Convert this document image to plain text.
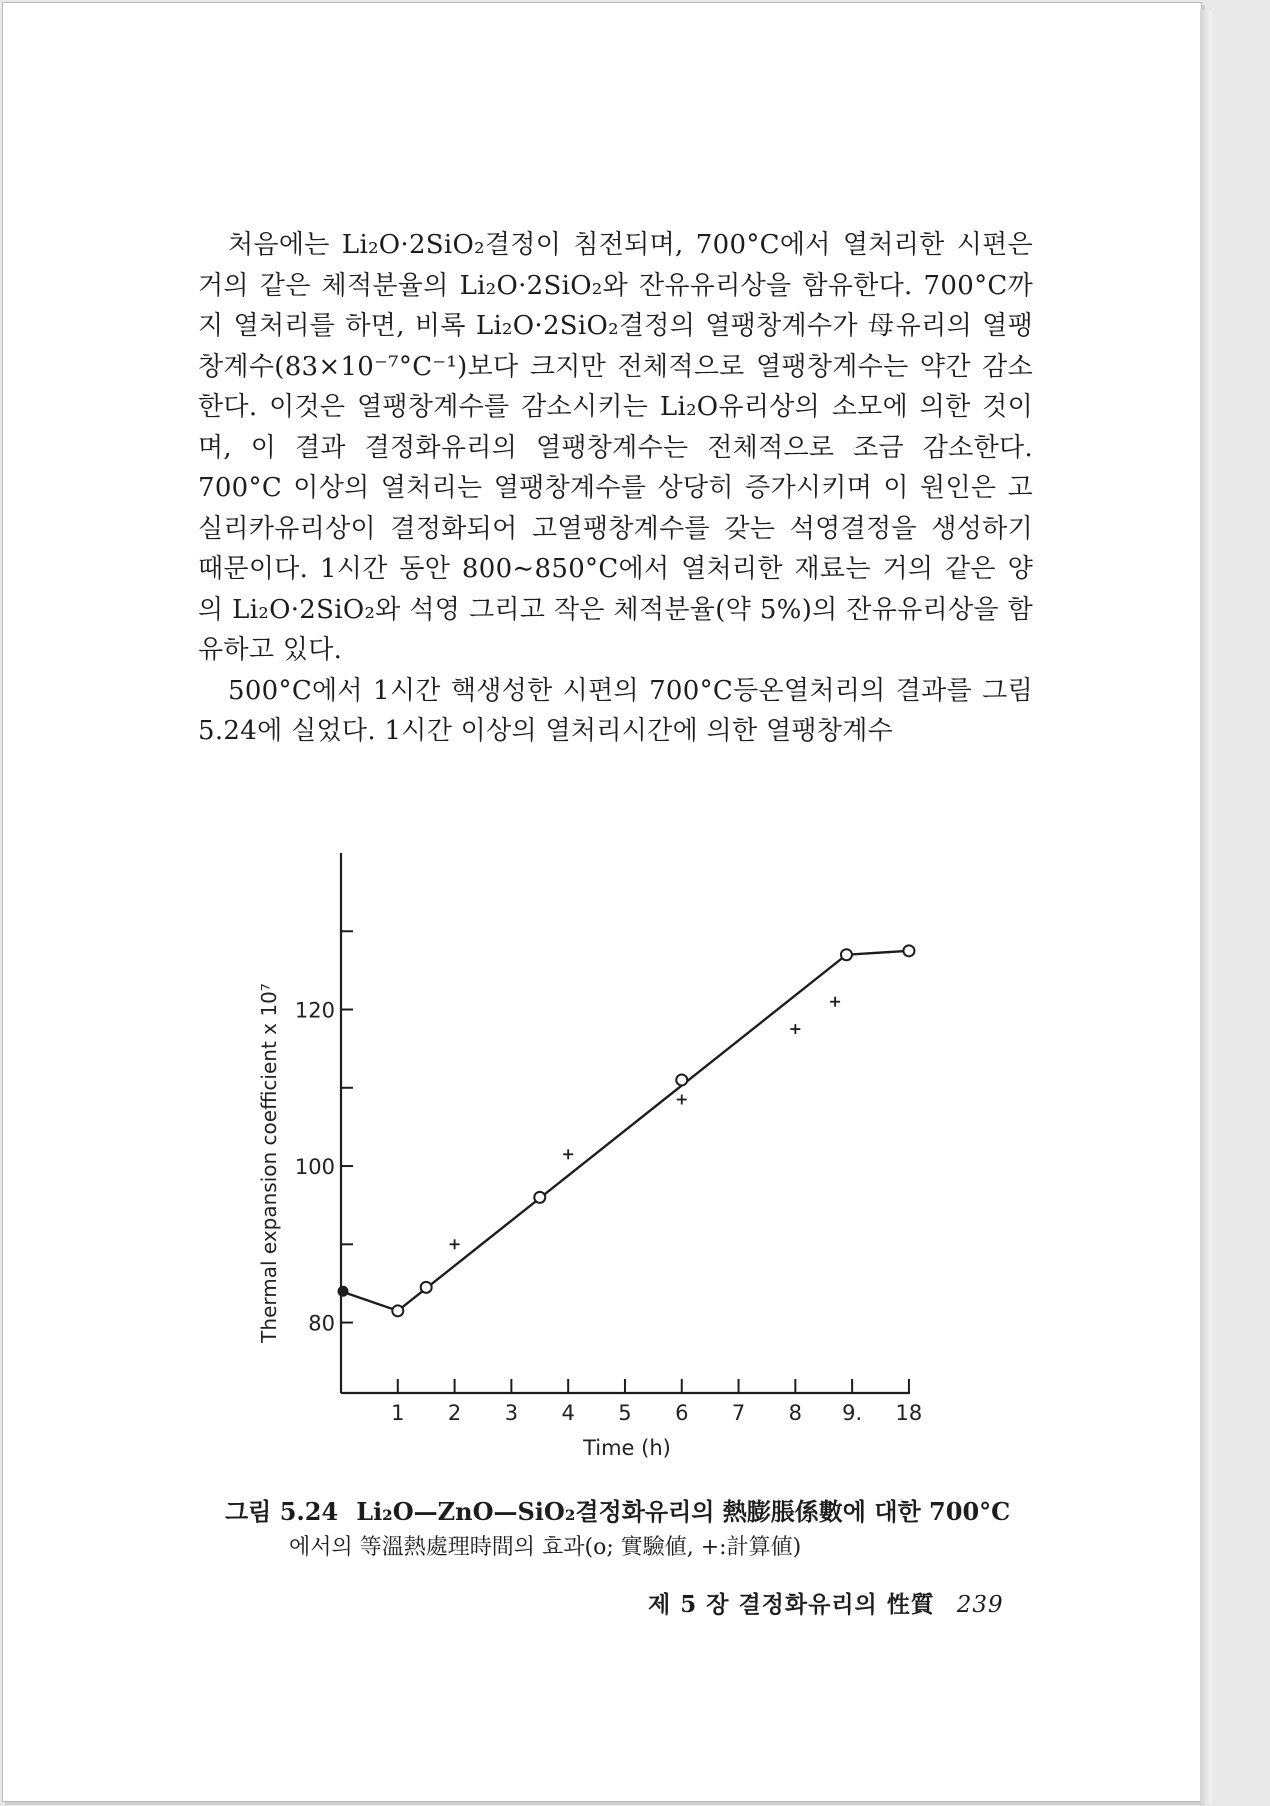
처음에는 Li₂O·2SiO₂결정이 침전되며, 700°C에서 열처리한 시편은 거의 같은 체적분율의 Li₂O·2SiO₂와 잔유유리상을 함유한다. 700°C까지 열처리를 하면, 비록 Li₂O·2SiO₂결정의 열팽창계수가 母유리의 열팽창계수(83×10⁻⁷°C⁻¹)보다 크지만 전체적으로 열팽창계수는 약간 감소한다. 이것은 열팽창계수를 감소시키는 Li₂O유리상의 소모에 의한 것이며, 이 결과 결정화유리의 열팽창계수는 전체적으로 조금 감소한다. 700°C 이상의 열처리는 열팽창계수를 상당히 증가시키며 이 원인은 고실리카유리상이 결정화되어 고열팽창계수를 갖는 석영결정을 생성하기 때문이다. 1시간 동안 800∼850°C에서 열처리한 재료는 거의 같은 양의 Li₂O·2SiO₂와 석영 그리고 작은 체적분율(약 5%)의 잔유유리상을 함유하고 있다.

500°C에서 1시간 핵생성한 시편의 700°C등온열처리의 결과를 그림 5.24에 실었다. 1시간 이상의 열처리시간에 의한 열팽창계수

80
100
120
1 2 3 4 5 6 7 8 9. 18
Time (h)
Thermal expansion coefficient x 10⁷
그림 5.24 Li₂O—ZnO—SiO₂결정화유리의 熱膨脹係數에 대한 700°C
에서의 等溫熱處理時間의 효과(o; 實驗値, +:計算値)
제 5 장 결정화유리의 性質 239
